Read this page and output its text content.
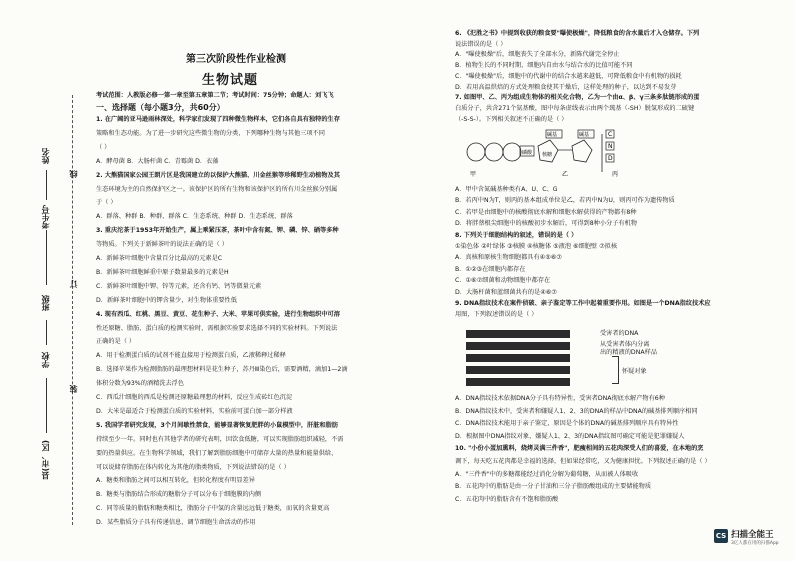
姓名
考生号
班级
学校
县(市、区)
线
订
装
第三次阶段性作业检测
生物试题
考试范围：人教版必修一第一章至第五章第二节；考试时间：75分钟；命题人：刘飞飞
一、选择题（每小题3分，共60分）
1. 在广阔的亚马逊雨林深处，科学家们发现了四种微生物样本，它们各自具有独特的生存
策略和生态功能。为了进一步研究这些微生物的分类，下列哪种生物与其他三项不同
（ ）
A．酵母菌 B．大肠杆菌 C．青霉菌 D．衣藻
2. 大熊猫国家公园王朗片区是我国建立的以保护大熊猫、川金丝猴等珍稀野生动植物及其
生态环境为主的自然保护区之一。该保护区的所有生物和该保护区的所有川金丝猴分别属
于（ ）
A．群落、种群 B．种群、群落 C．生态系统、种群 D．生态系统、群落
3. 重庆沱茶于1953年开始生产，属上乘紧压茶，茶叶中含有氮、钾、磷、锌、硒等多种
等物质。下列关于新鲜茶叶的说法正确的是（ ）
A．新鲜茶叶细胞中含量百分比最高的元素是C
B．新鲜茶叶细胞鲜重中原子数量最多的元素是H
C．新鲜茶叶细胞中钾、锌等元素，还含有钙、钙等微量元素
D．新鲜茶叶细胞中的钾含量少，对生物体重要性低
4. 现有西瓜、红桃、黑豆、黄豆、花生种子、大米、苹果可供实验，进行生物组织中可溶
性还原糖、脂肪、蛋白质的检测实验时，需根据实验要求选择不同的实验材料。下列说法
正确的是（ ）
A．用于检测蛋白质的试剂不能直接用于检测蛋白质，乙液稀释过稀释
B．选择苹果作为检测脂肪的最理想材料是花生种子，苏丹Ⅲ染色后，需要酒精，滴加1—2滴
体积分数为93%的酒精洗去浮色
C．西瓜汁细胞的西瓜是检测还原糖最理想的材料，反应生成砖红色沉淀
D．大米是最适合于检测蛋白质的实验材料，实验前可蛋白加一部分样液
5. 我国学者研究发现，3个月间歇性禁食，能够显著恢复肥胖的小鼠模型中，肝脏和脂肪
持续至少一年。同时也有其他学者的研究表明，因饮食低糖，可以实现脂肪组织减轻，不需
要的热量供应。在生物科学领域，我们了解到脂肪细胞中可储存大量的热量和能量供给，
可以说储存脂肪在体内转化为其他的脂类物质，下列说法错误的是（ ）
A．糖类和脂肪之间可以相互转化，但转化程度有明显差异
B．糖类与脂肪结合形成的糖脂分子可以分布于细胞膜的内侧
C．同等质量的脂肪和糖类相比，脂肪分子中氢的含量远远低于糖类，而氧的含量更高
D．某些脂质分子具有传递信息、调节细胞生命活动的作用
6. 《氾胜之书》中提到收获的粮食要"曝使极燥"，降低粮食的含水量后才入仓储存。下列
说法错误的是（ ）
A．"曝使极燥"后，细胞丧失了全部水分，新陈代谢完全停止
B．植物生长的不同时期，细胞内自由水与结合水的比值可能不同
C．"曝使极燥"后，细胞中的代谢中的结合水越来越低，可降低粮食中有机物的损耗
D．若用高温烘焙的方式处理粮食使其干燥后，这样处理的种子，以达到不易发芽
7. 如图甲、乙、丙为组成生物体的相关化合物，乙为一个由α、β、γ三条多肽链形成的蛋
白质分子，共含271个氨基酸，图中每条虚线表示由两个巯基（-SH）脱氢形成的二硫键
（-S-S-）。下列相关叙述不正确的是（ ）
磷酸
碱基
核糖
碱基	C
N
D
甲	乙	丙
A．甲中含氮碱基种类有A、U、C、G
B．若丙中N为T，则丙的基本组成单位是乙，若丙中N为U，则丙可作为遗传物质
C．若甲是由细胞中的核酸彻底水解和细胞水解获得的产物都有8种
D．将胖蔡根尖细胞中的核酸初步水解后，可得到8种小分子有机物
8. 下列关于细胞结构的叙述，错误的是（ ）
①染色体 ②叶绿体 ③核膜 ④核糖体 ⑤液泡 ⑥细胞壁 ⑦拟核
A．真核和原核生物细胞都具有④⑤⑥⑦
B．①②③在细胞内都存在
C．①⑥⑦细菌和动物细胞中都存在
D．大肠杆菌和蓝细菌共有的是④⑥⑦
9. DNA指纹技术在案件侦破、亲子鉴定等工作中起着重要作用。如图是一个DNA指纹技术应
用图，下列叙述错误的是（ ）
受害者的DNA
从受害者体内分离
出的精液的DNA样品
怀疑对象
A．DNA指纹技术依据DNA分子具有特异性，受害者DNA彻底水解产物有6种
B．DNA指纹技术中，受害者和嫌疑人1、2、3的DNA的样品中DNA的碱基排列顺序相同
C．DNA指纹技术能用于亲子鉴定，原因是个体的DNA的碱基排列顺序具有特异性
D．根据图中DNA指纹对象，嫌疑人1、2、3的DNA指纹图可确定可能是犯罪嫌疑人
10. "小份小蛋加熏料，烧烤灵满三件香"，肥瘦相间的五花肉深受人们的喜爱，在本地的烹
调下，每天吃五花肉都是幸福的选择，但如果经常吃，又为健康担忧。下列叙述正确的是（ ）
A．"三件香"中的多糖都能经过消化分解为葡萄糖，从而被人体吸收
B．五花肉中的脂肪是由一分子甘油和三分子脂肪酸组成的主要储能物质
C．五花肉中的脂肪含有不饱和脂肪酸
CS 扫描全能王
3亿人都在用的扫描App
